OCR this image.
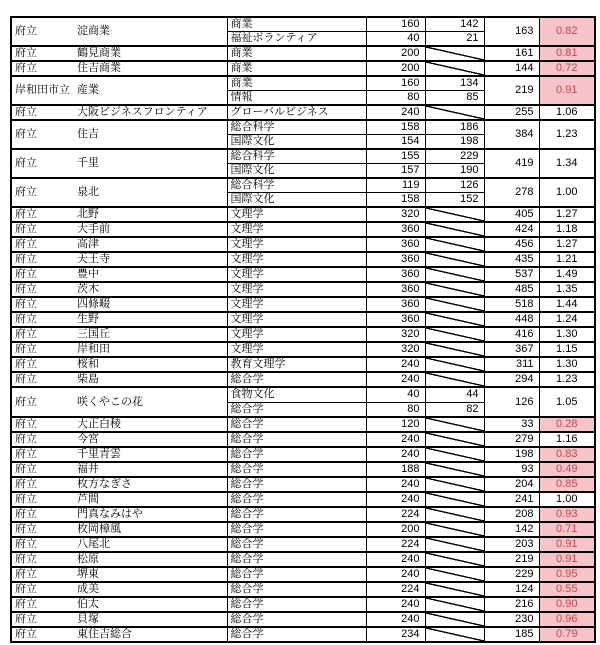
府立 淀商業	商業	160	142	163	0.82
	福祉ボランティア	40	21		
府立 鶴見商業	商業	200		161	0.81
府立 住吉商業	商業	200		144	0.72
岸和田市立 産業	商業	160	134	219	0.91
	情報	80	85		
府立 大阪ビジネスフロンティア	グローバルビジネス	240		255	1.06
府立 住吉	総合科学	158	186	384	1.23
	国際文化	154	198		
府立 千里	総合科学	155	229	419	1.34
	国際文化	157	190		
府立 泉北	総合科学	119	126	278	1.00
	国際文化	158	152		
府立 北野	文理学	320		405	1.27
府立 大手前	文理学	360		424	1.18
府立 高津	文理学	360		456	1.27
府立 天王寺	文理学	360		435	1.21
府立 豊中	文理学	360		537	1.49
府立 茨木	文理学	360		485	1.35
府立 四條畷	文理学	360		518	1.44
府立 生野	文理学	360		448	1.24
府立 三国丘	文理学	320		416	1.30
府立 岸和田	文理学	320		367	1.15
府立 桜和	教育文理学	240		311	1.30
府立 柴島	総合学	240		294	1.23
府立 咲くやこの花	食物文化	40	44	126	1.05
	総合学	80	82		
府立 大正白稜	総合学	120		33	0.28
府立 今宮	総合学	240		279	1.16
府立 千里青雲	総合学	240		198	0.83
府立 福井	総合学	188		93	0.49
府立 枚方なぎさ	総合学	240		204	0.85
府立 芦間	総合学	240		241	1.00
府立 門真なみはや	総合学	224		208	0.93
府立 枚岡樟風	総合学	200		142	0.71
府立 八尾北	総合学	224		203	0.91
府立 松原	総合学	240		219	0.91
府立 堺東	総合学	240		229	0.95
府立 成美	総合学	224		124	0.55
府立 伯太	総合学	240		216	0.90
府立 貝塚	総合学	240		230	0.96
府立 東住吉総合	総合学	234		185	0.79
